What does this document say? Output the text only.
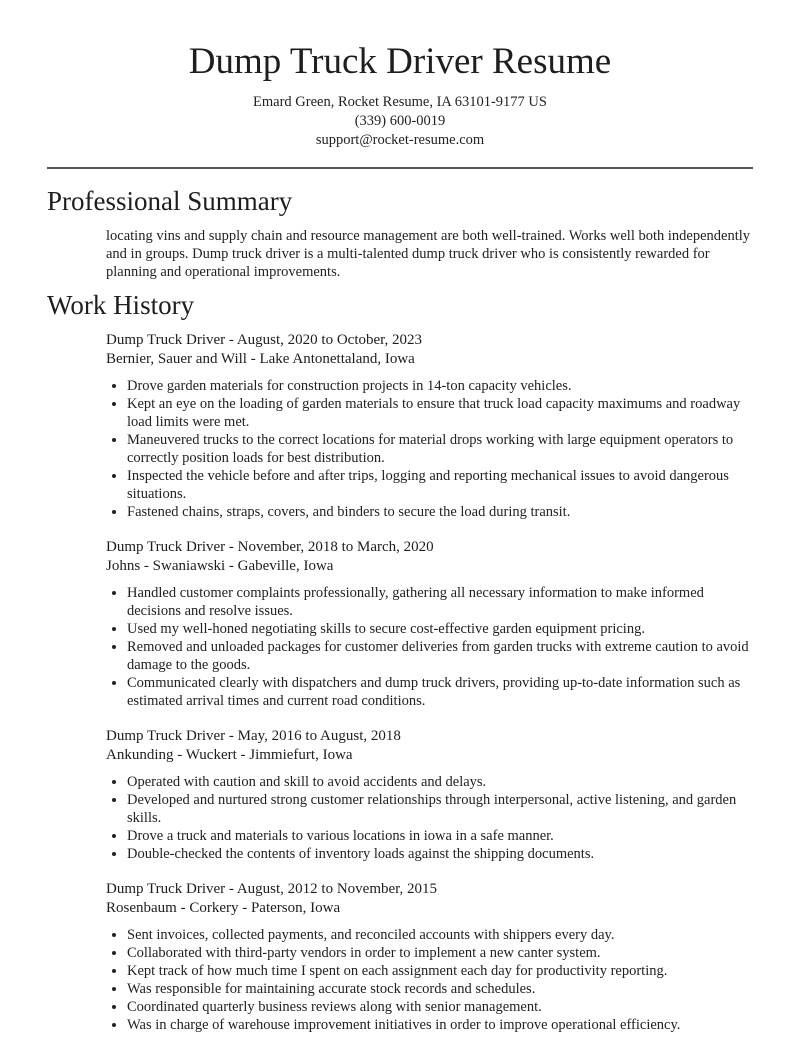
Dump Truck Driver Resume
Emard Green, Rocket Resume, IA 63101-9177 US
(339) 600-0019
support@rocket-resume.com
Professional Summary
locating vins and supply chain and resource management are both well-trained. Works well both independently and in groups. Dump truck driver is a multi-talented dump truck driver who is consistently rewarded for planning and operational improvements.
Work History
Dump Truck Driver - August, 2020 to October, 2023
Bernier, Sauer and Will - Lake Antonettaland, Iowa
• Drove garden materials for construction projects in 14-ton capacity vehicles.
• Kept an eye on the loading of garden materials to ensure that truck load capacity maximums and roadway load limits were met.
• Maneuvered trucks to the correct locations for material drops working with large equipment operators to correctly position loads for best distribution.
• Inspected the vehicle before and after trips, logging and reporting mechanical issues to avoid dangerous situations.
• Fastened chains, straps, covers, and binders to secure the load during transit.
Dump Truck Driver - November, 2018 to March, 2020
Johns - Swaniawski - Gabeville, Iowa
• Handled customer complaints professionally, gathering all necessary information to make informed decisions and resolve issues.
• Used my well-honed negotiating skills to secure cost-effective garden equipment pricing.
• Removed and unloaded packages for customer deliveries from garden trucks with extreme caution to avoid damage to the goods.
• Communicated clearly with dispatchers and dump truck drivers, providing up-to-date information such as estimated arrival times and current road conditions.
Dump Truck Driver - May, 2016 to August, 2018
Ankunding - Wuckert - Jimmiefurt, Iowa
• Operated with caution and skill to avoid accidents and delays.
• Developed and nurtured strong customer relationships through interpersonal, active listening, and garden skills.
• Drove a truck and materials to various locations in iowa in a safe manner.
• Double-checked the contents of inventory loads against the shipping documents.
Dump Truck Driver - August, 2012 to November, 2015
Rosenbaum - Corkery - Paterson, Iowa
• Sent invoices, collected payments, and reconciled accounts with shippers every day.
• Collaborated with third-party vendors in order to implement a new canter system.
• Kept track of how much time I spent on each assignment each day for productivity reporting.
• Was responsible for maintaining accurate stock records and schedules.
• Coordinated quarterly business reviews along with senior management.
• Was in charge of warehouse improvement initiatives in order to improve operational efficiency.
